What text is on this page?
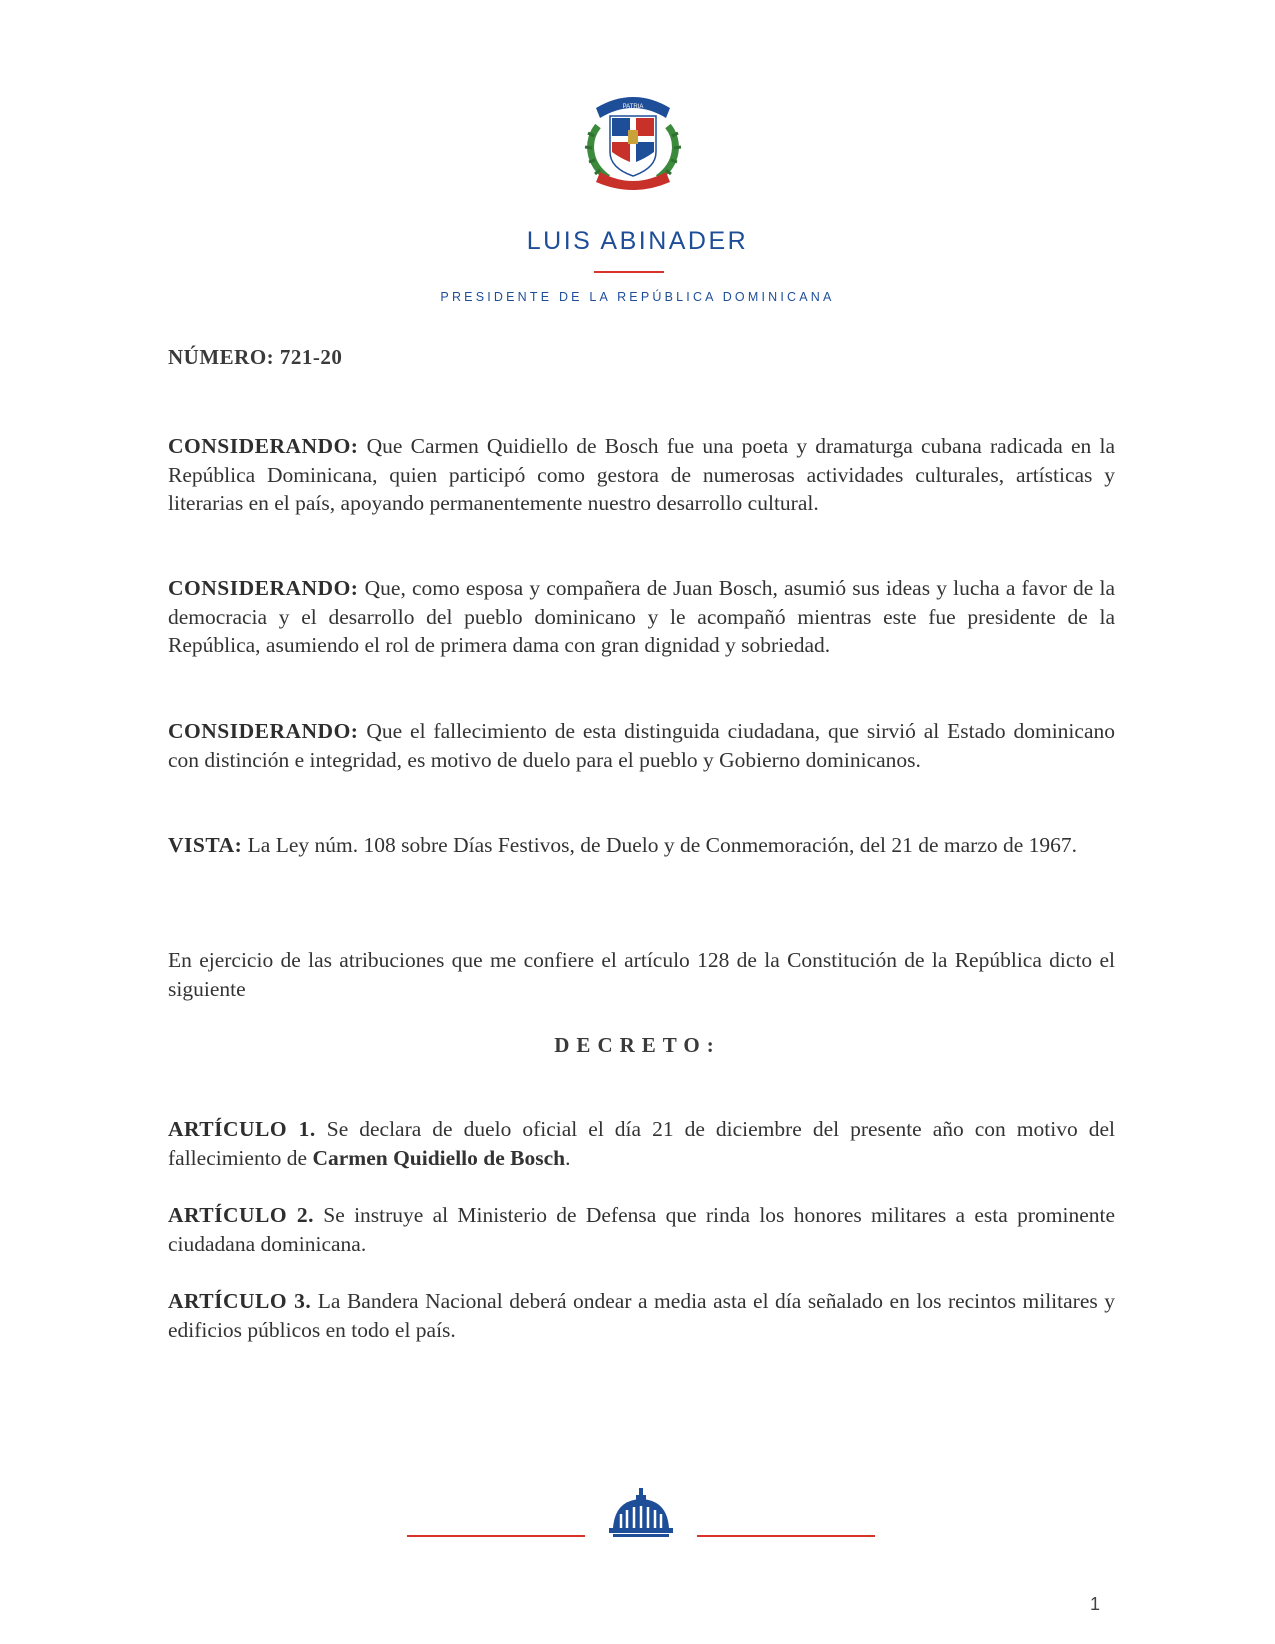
PATRIA
LUIS ABINADER
PRESIDENTE DE LA REPÚBLICA DOMINICANA
NÚMERO: 721-20

CONSIDERANDO: Que Carmen Quidiello de Bosch fue una poeta y dramaturga cubana radicada en la República Dominicana, quien participó como gestora de numerosas actividades culturales, artísticas y literarias en el país, apoyando permanentemente nuestro desarrollo cultural.

CONSIDERANDO: Que, como esposa y compañera de Juan Bosch, asumió sus ideas y lucha a favor de la democracia y el desarrollo del pueblo dominicano y le acompañó mientras este fue presidente de la República, asumiendo el rol de primera dama con gran dignidad y sobriedad.

CONSIDERANDO: Que el fallecimiento de esta distinguida ciudadana, que sirvió al Estado dominicano con distinción e integridad, es motivo de duelo para el pueblo y Gobierno dominicanos.

VISTA: La Ley núm. 108 sobre Días Festivos, de Duelo y de Conmemoración, del 21 de marzo de 1967.

En ejercicio de las atribuciones que me confiere el artículo 128 de la Constitución de la República dicto el siguiente

DECRETO:

ARTÍCULO 1. Se declara de duelo oficial el día 21 de diciembre del presente año con motivo del fallecimiento de Carmen Quidiello de Bosch.

ARTÍCULO 2. Se instruye al Ministerio de Defensa que rinda los honores militares a esta prominente ciudadana dominicana.

ARTÍCULO 3. La Bandera Nacional deberá ondear a media asta el día señalado en los recintos militares y edificios públicos en todo el país.

1
